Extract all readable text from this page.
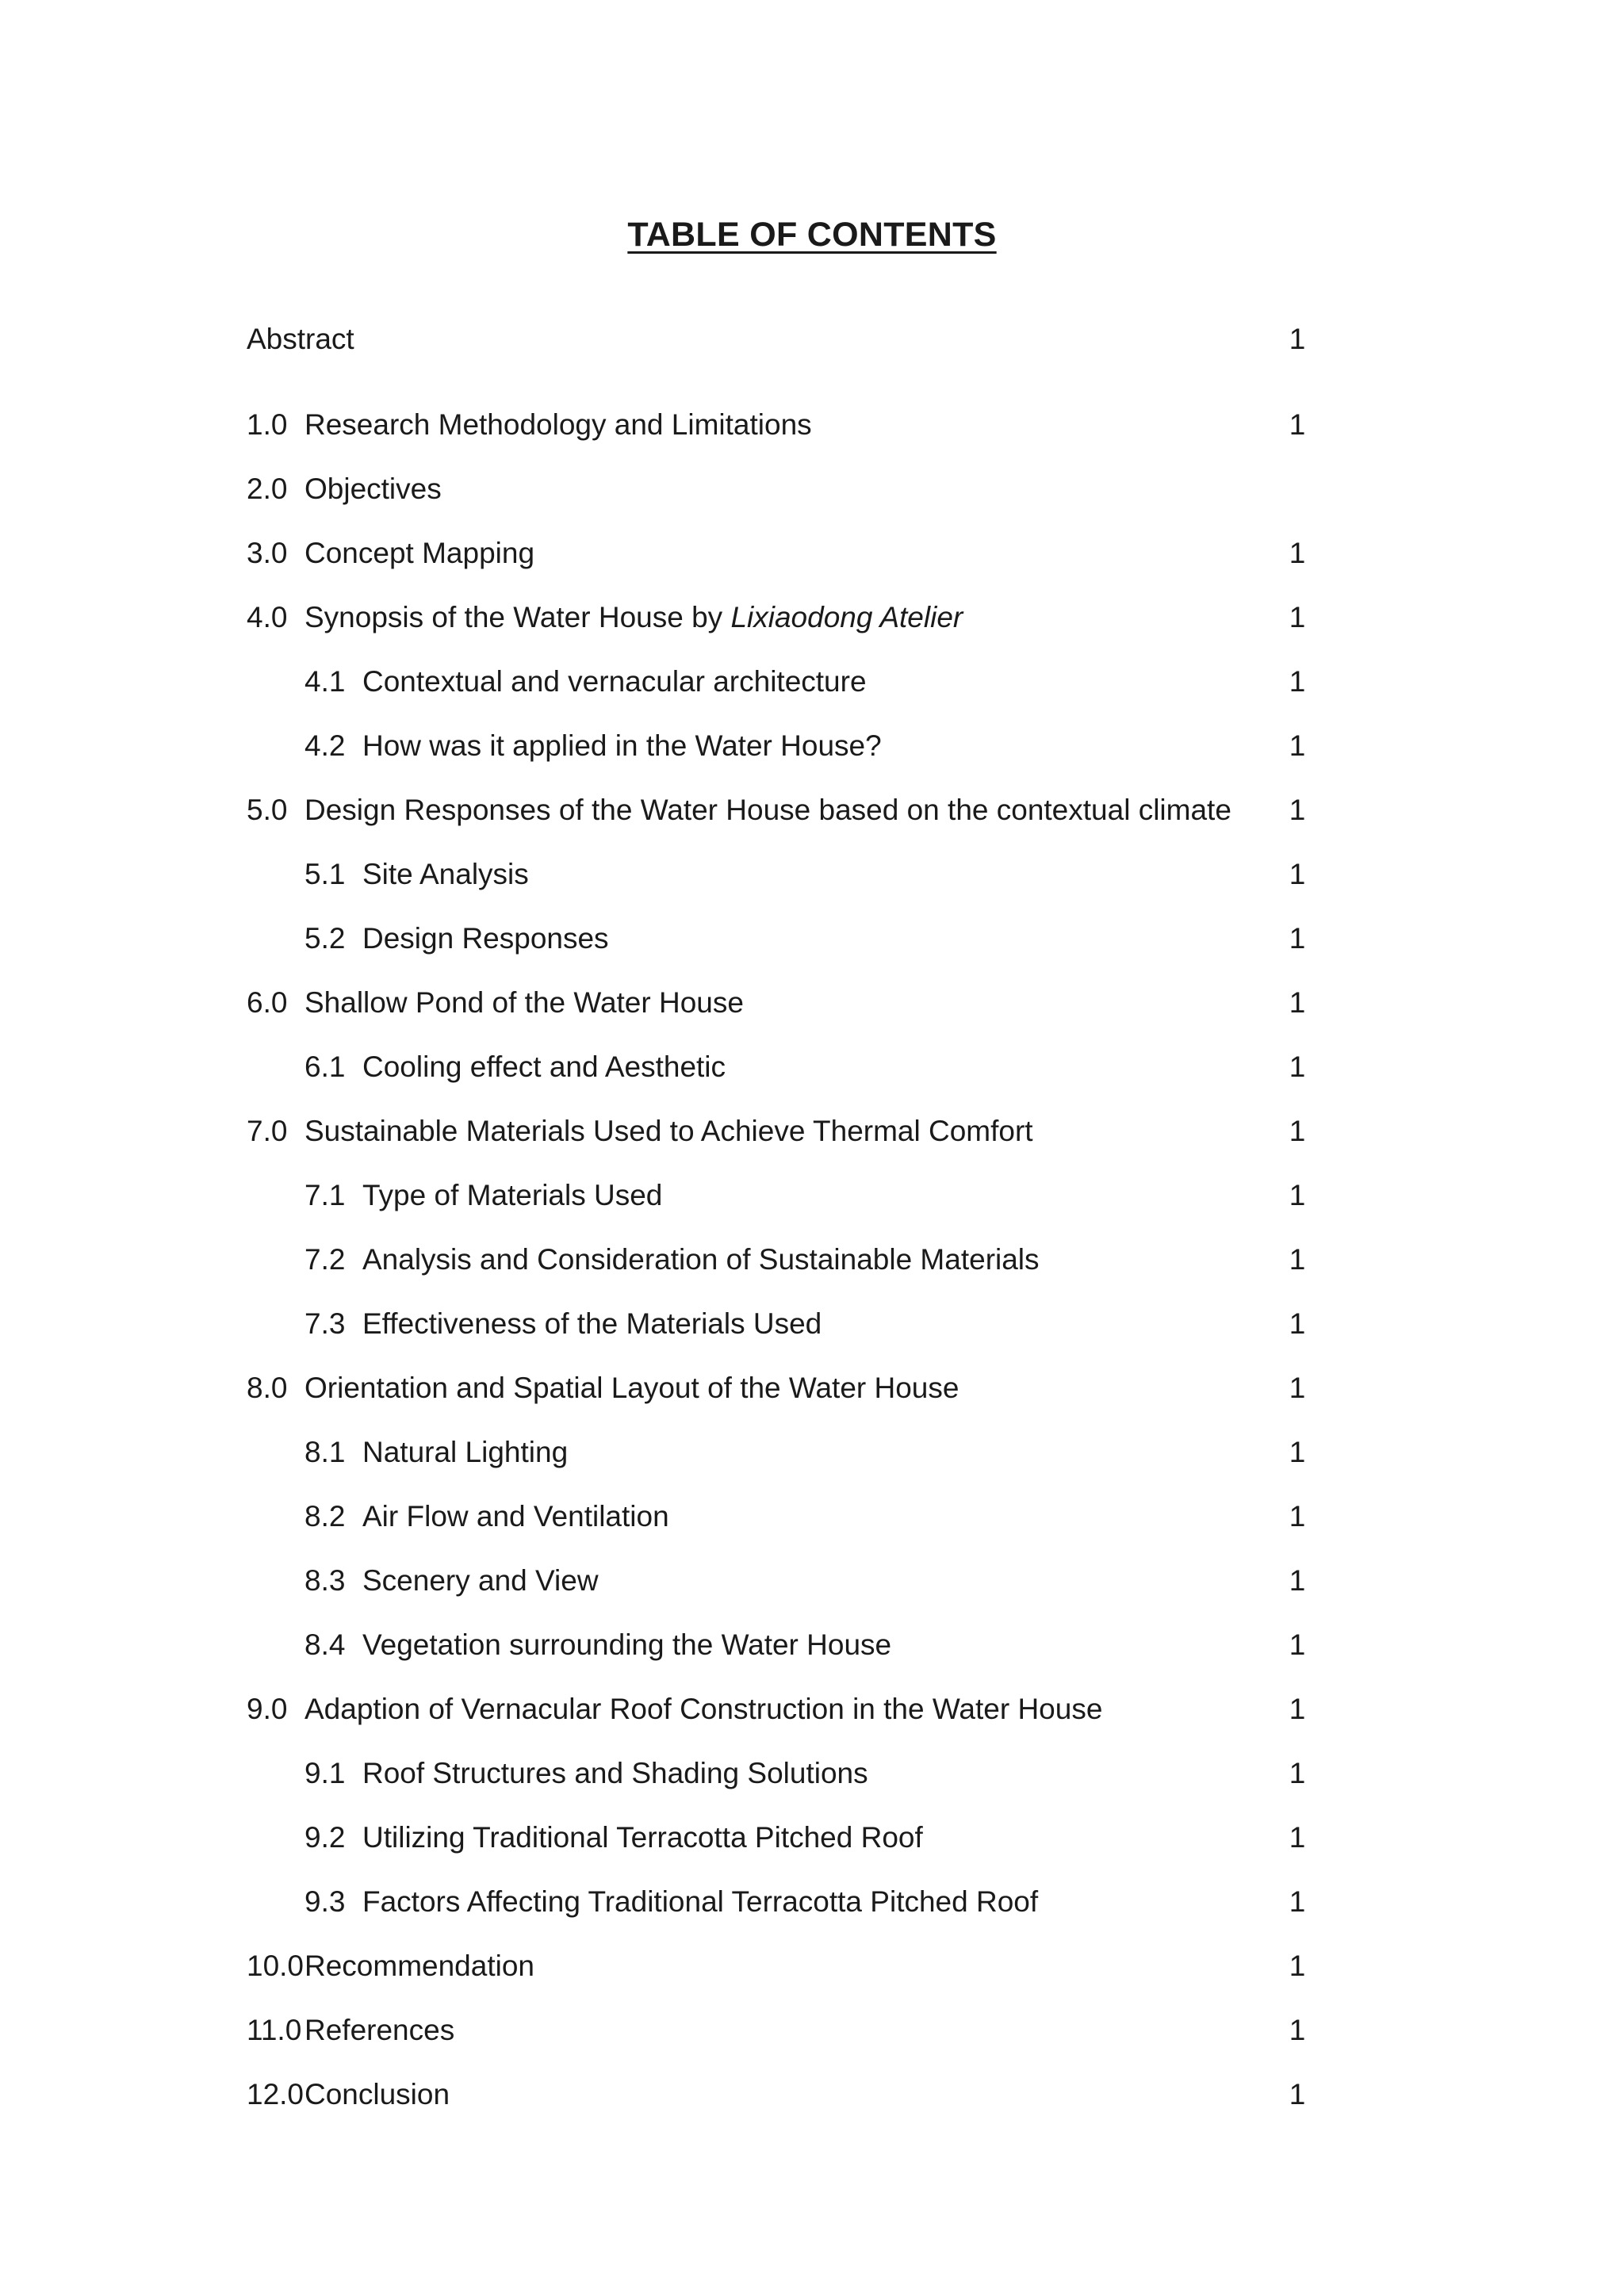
TABLE OF CONTENTS
Abstract	1
1.0 Research Methodology and Limitations	1
2.0 Objectives
3.0 Concept Mapping	1
4.0 Synopsis of the Water House by Lixiaodong Atelier	1
4.1 Contextual and vernacular architecture	1
4.2 How was it applied in the Water House?	1
5.0 Design Responses of the Water House based on the contextual climate	1
5.1 Site Analysis	1
5.2 Design Responses	1
6.0 Shallow Pond of the Water House	1
6.1 Cooling effect and Aesthetic	1
7.0 Sustainable Materials Used to Achieve Thermal Comfort	1
7.1 Type of Materials Used	1
7.2 Analysis and Consideration of Sustainable Materials	1
7.3 Effectiveness of the Materials Used	1
8.0 Orientation and Spatial Layout of the Water House	1
8.1 Natural Lighting	1
8.2 Air Flow and Ventilation	1
8.3 Scenery and View	1
8.4 Vegetation surrounding the Water House	1
9.0 Adaption of Vernacular Roof Construction in the Water House	1
9.1 Roof Structures and Shading Solutions	1
9.2 Utilizing Traditional Terracotta Pitched Roof	1
9.3 Factors Affecting Traditional Terracotta Pitched Roof	1
10.0 Recommendation	1
11.0 References	1
12.0 Conclusion	1
